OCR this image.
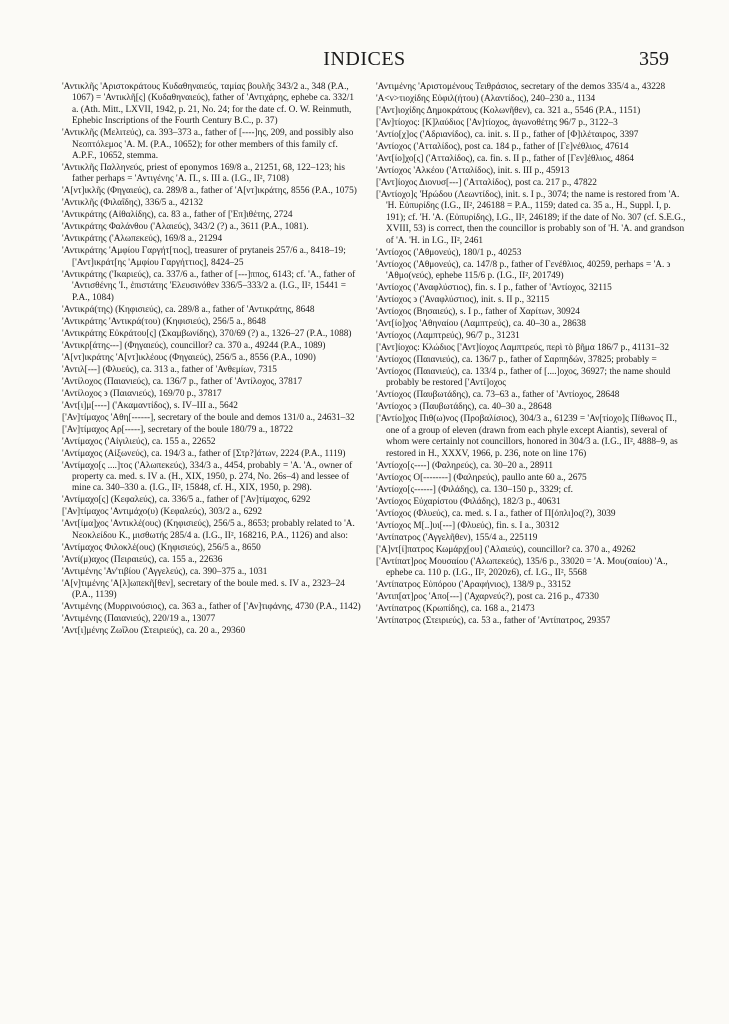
INDICES	359

'Αντικλῆς 'Αριστοκράτους Κυδαθηναιεύς, ταμίας βουλῆς 343/2 a., 348 (P.A., 1067) = 'Αντικλῆ[ς] (Κυδαθηναιεύς), father of 'Αντιχάρης, ephebe ca. 332/1 a. (Ath. Mitt., LXVII, 1942, p. 21, No. 24; for the date cf. O. W. Reinmuth, Ephebic Inscriptions of the Fourth Century B.C., p. 37)

'Αντικλῆς (Μελιτεύς), ca. 393–373 a., father of [----]ης, 209, and possibly also Νεοπτόλεμος 'Α. Μ. (P.A., 10652); for other members of this family cf. A.P.F., 10652, stemma.

'Αντικλῆς Παλληνεύς, priest of eponymos 169/8 a., 21251, 68, 122–123; his father perhaps = 'Αντιγένης 'Α. Π., s. III a. (I.G., II², 7108)

'Α[ντ]ικλῆς (Φηγαιεύς), ca. 289/8 a., father of 'Α[ντ]ικράτης, 8556 (P.A., 1075)

'Αντικλῆς (Φιλαΐδης), 336/5 a., 42132

'Αντικράτης (Αἰθαλίδης), ca. 83 a., father of ['Επ]ιθέτης, 2724

'Αντικράτης Φαλάνθου ('Αλαιεύς), 343/2 (?) a., 3611 (P.A., 1081).

'Αντικράτης ('Αλωπεκεύς), 169/8 a., 21294

'Αντικράτης 'Αμφίου Γαργήτ[τιος], treasurer of prytaneis 257/6 a., 8418–19; ['Αντ]ικράτ[ης 'Αμφίου Γαργήττιος], 8424–25

'Αντικράτης ('Ικαριεύς), ca. 337/6 a., father of [---]ππος, 6143; cf. 'Α., father of 'Αντισθένης 'Ι., ἐπιστάτης 'Ελευσινόθεν 336/5–333/2 a. (I.G., II², 15441 = P.A., 1084)

'Αντικρά(της) (Κηφισιεύς), ca. 289/8 a., father of 'Αντικράτης, 8648

'Αντικράτης 'Αντικρά(του) (Κηφισιεύς), 256/5 a., 8648

'Αντικράτης Εὐκράτου[ς] (Σκαμβωνίδης), 370/69 (?) a., 1326–27 (P.A., 1088)

'Αντικρ[άτης---] (Φηγαιεύς), councillor? ca. 370 a., 49244 (P.A., 1089)

'Α[ντ]ικράτης 'Α[ντ]ικλέους (Φηγαιεύς), 256/5 a., 8556 (P.A., 1090)

'Αντιλ[---] (Φλυεύς), ca. 313 a., father of 'Ανθεμίων, 7315

'Αντίλοχος (Παιανιεύς), ca. 136/7 p., father of 'Αντίλοχος, 37817

'Αντίλοχος ϶ (Παιανιεύς), 169/70 p., 37817

'Αντ[ι]μ[----] ('Ακαμαντίδος), s. IV–III a., 5642

['Αν]τίμαχος 'Αθη[------], secretary of the boule and demos 131/0 a., 24631–32

['Αν]τίμαχος Αρ[-----], secretary of the boule 180/79 a., 18722

'Αντίμαχος ('Αἰγιλιεύς), ca. 155 a., 22652

'Αντίμαχος (Αἰξωνεύς), ca. 194/3 a., father of [Στρ?]άτων, 2224 (P.A., 1119)

'Αντίμαχο[ς ....]τος ('Αλωπεκεύς), 334/3 a., 4454, probably = 'Α. 'Α., owner of property ca. med. s. IV a. (H., XIX, 1950, p. 274, No. 26s–4) and lessee of mine ca. 340–330 a. (I.G., II², 15848, cf. H., XIX, 1950, p. 298).

'Αντίμαχο[ς] (Κεφαλεύς), ca. 336/5 a., father of ['Αν]τίμαχος, 6292

['Αν]τίμαχος 'Αντιμάχο(υ) (Κεφαλεύς), 303/2 a., 6292

'Αντ[ίμα]χος 'Αντικλέ(ους) (Κηφισιεύς), 256/5 a., 8653; probably related to 'Α. Νεοκλείδου Κ., μισθωτής 285/4 a. (I.G., II², 168216, P.A., 1126) and also:

'Αντίμαχος Φιλοκλέ(ους) (Κηφισιεύς), 256/5 a., 8650

'Αντί(μ)αχος (Πειραιεύς), ca. 155 a., 22636

'Αντιμένης 'Αν'τιβίου ('Αγγελεύς), ca. 390–375 a., 1031

'Α[ν]τιμένης 'Α[λ]ωπεκῆ[θεν], secretary of the boule med. s. IV a., 2323–24 (P.A., 1139)

'Αντιμένης (Μυρρινούσιος), ca. 363 a., father of ['Αν]τιφάνης, 4730 (P.A., 1142)

'Αντιμένης (Παιανιεύς), 220/19 a., 13077

'Αντ[ι]μένης Ζωΐλου (Στειριεύς), ca. 20 a., 29360

'Αντιμένης 'Αριστομένους Τειθράσιος, secretary of the demos 335/4 a., 43228

'Α<ν>τιοχίδης Εὐφιλ(ήτου) (Αλαντίδος), 240–230 a., 1134

['Αντ]ιοχίδης Δημοκράτους (Κολωνῆθεν), ca. 321 a., 5546 (P.A., 1151)

['Αν]τίοχος: [Κ]λαύδιος ['Αν]τίοχος, ἀγωνοθέτης 96/7 p., 3122–3

'Αντίο[χ]ος ('Αδριανίδος), ca. init. s. II p., father of [Φ]ιλέταιρος, 3397

'Αντίοχος ('Ατταλίδος), post ca. 184 p., father of [Γε]νέθλιος, 47614

'Αντ[ίο]χο[ς] ('Ατταλίδος), ca. fin. s. II p., father of [Γεν]έθλιος, 4864

'Αντίοχος 'Αλκέου ('Ατταλίδος), init. s. III p., 45913

['Αντ]ίοχος Διονυσ[---] ('Ατταλίδος), post ca. 217 p., 47822

['Αντίοχο]ς 'Ηρώδου (Λεωντίδος), init. s. I p., 3074; the name is restored from 'Α. 'Η. Εὐπυρίδης (I.G., II², 246188 = P.A., 1159; dated ca. 35 a., H., Suppl. I, p. 191); cf. 'Η. 'Α. (Εὐπυρίδης), I.G., II², 246189; if the date of No. 307 (cf. S.E.G., XVIII, 53) is correct, then the councillor is probably son of 'Η. 'Α. and grandson of 'Α. 'Η. in I.G., II², 2461

'Αντίοχος ('Αθμονεύς), 180/1 p., 40253

'Αντίοχος ('Αθμονεύς), ca. 147/8 p., father of Γενέθλιος, 40259, perhaps = 'Α. ϶ 'Αθμο(νεύς), ephebe 115/6 p. (I.G., II², 201749)

'Αντίοχος ('Αναφλύστιος), fin. s. I p., father of 'Αντίοχος, 32115

'Αντίοχος ϶ ('Αναφλύστιος), init. s. II p., 32115

'Αντίοχος (Βησαιεύς), s. I p., father of Χαρίτων, 30924

'Αντ[ίο]χος 'Αθηναίου (Λαμπτρεύς), ca. 40–30 a., 28638

'Αντίοχος (Λαμπτρεύς), 96/7 p., 31231

['Αντ]ίοχος: Κλώδιος ['Αντ]ίοχος Λαμπτρεύς, περὶ τὸ βῆμα 186/7 p., 41131–32

'Αντίοχος (Παιανιεύς), ca. 136/7 p., father of Σαρπηδών, 37825; probably =

'Αντίοχος (Παιανιεύς), ca. 133/4 p., father of [....]οχος, 36927; the name should probably be restored ['Αντί]οχος

'Αντίοχος (Παυβωτάδης), ca. 73–63 a., father of 'Αντίοχος, 28648

'Αντίοχος ϶ (Παυβωτάδης), ca. 40–30 a., 28648

['Αντίο]χος Πιθ(ω)νος (Προβαλίσιος), 304/3 a., 61239 = 'Αν[τίοχο]ς Πίθωνος Π., one of a group of eleven (drawn from each phyle except Aiantis), several of whom were certainly not councillors, honored in 304/3 a. (I.G., II², 4888–9, as restored in H., XXXV, 1966, p. 236, note on line 176)

'Αντίοχο[ς----] (Φαληρεύς), ca. 30–20 a., 28911

'Αντίοχος Ο[--------] (Φαληρεύς), paullo ante 60 a., 2675

'Αντίοχο[ς------] (Φιλάδης), ca. 130–150 p., 3329; cf.

'Αντίοχος Εὐχαρίστου (Φιλάδης), 182/3 p., 40631

'Αντίοχος (Φλυεύς), ca. med. s. I a., father of Π[όπλι]ος(?), 3039

'Αντίοχος Μ[..]υι[---] (Φλυεύς), fin. s. I a., 30312

'Αντίπατρος ('Αγγελῆθεν), 155/4 a., 225119

['Α]ντ[ί]πατρος Κωμάρχ[ου] ('Αλαιεύς), councillor? ca. 370 a., 49262

['Αντίπατ]ρος Μουσαίου ('Αλωπεκεύς), 135/6 p., 33020 = 'Α. Μου(σαίου) 'Α., ephebe ca. 110 p. (I.G., II², 2020z6), cf. I.G., II², 5568

'Αντίπατρος Εὐπόρου ('Αραφήνιος), 138/9 p., 33152

'Αντιπ[ατ]ρος 'Απο[---] ('Αχαρνεύς?), post ca. 216 p., 47330

'Αντίπατρος (Κρωπίδης), ca. 168 a., 21473

'Αντίπατρος (Στειριεύς), ca. 53 a., father of 'Αντίπατρος, 29357
